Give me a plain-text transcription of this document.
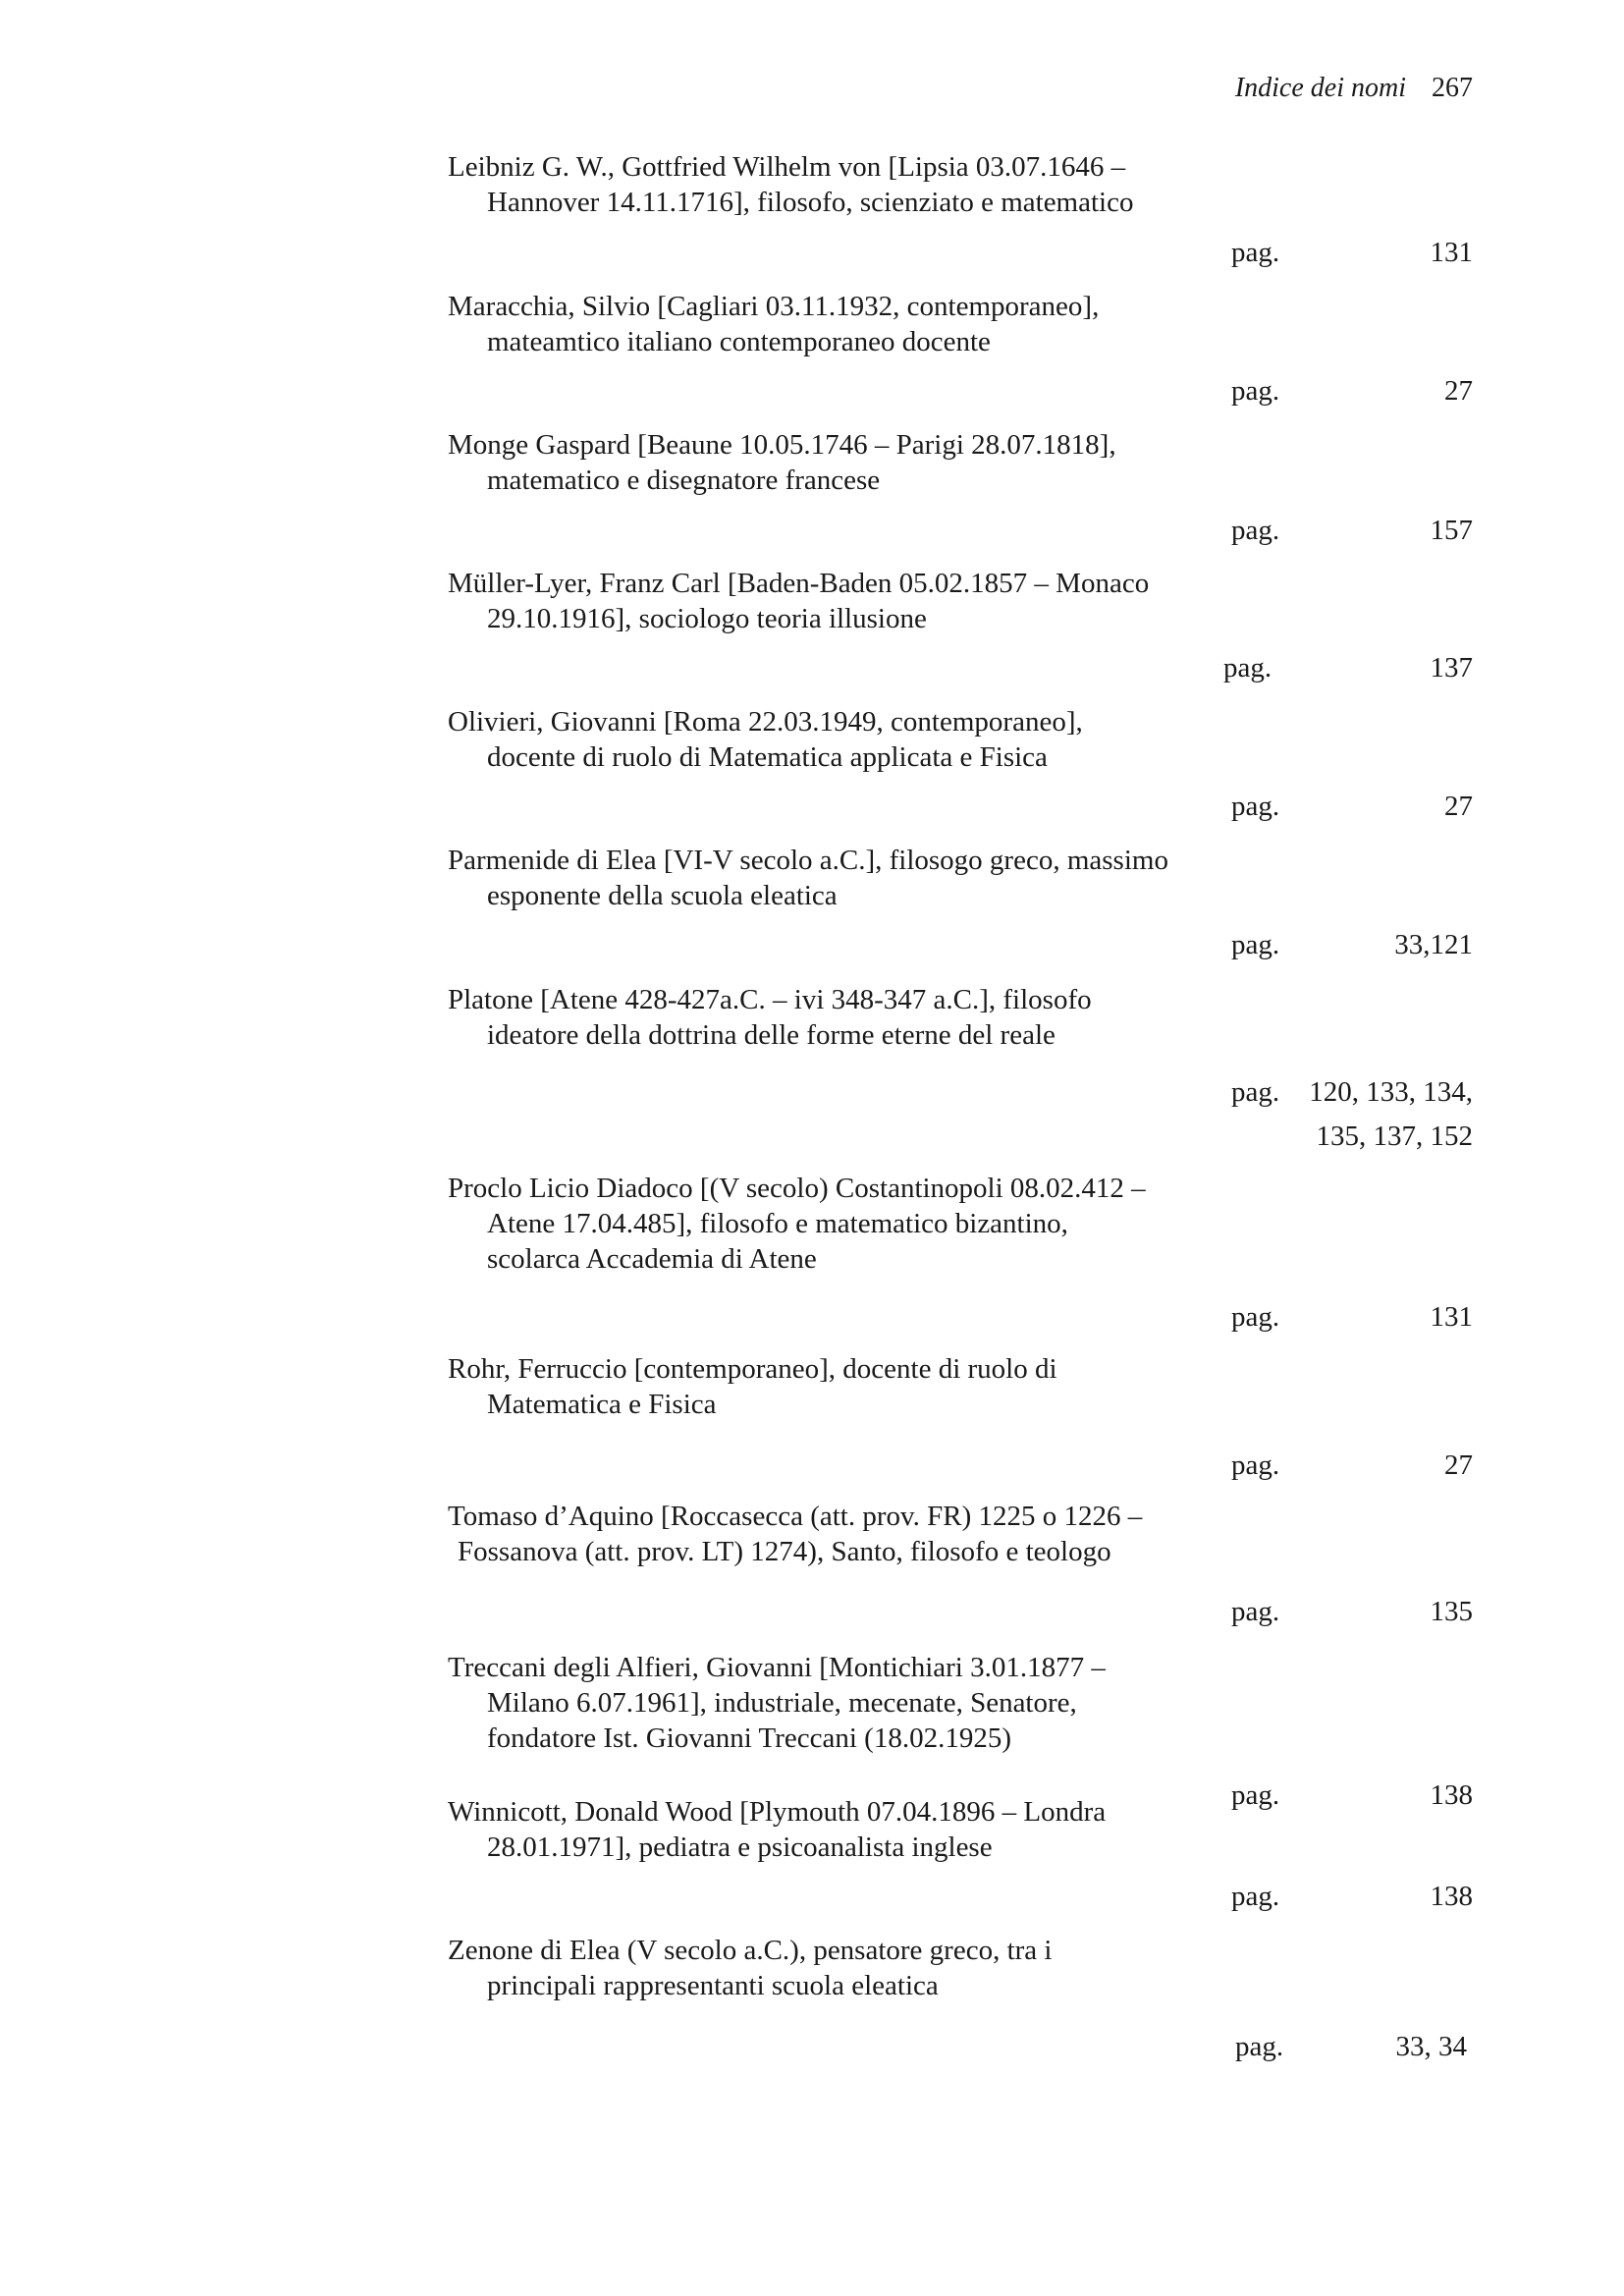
Indice dei nomi 267
Leibniz G. W., Gottfried Wilhelm von [Lipsia 03.07.1646 –
Hannover 14.11.1716], filosofo, scienziato e matematico
pag.	131
Maracchia, Silvio [Cagliari 03.11.1932, contemporaneo],
mateamtico italiano contemporaneo docente
pag.	27
Monge Gaspard [Beaune 10.05.1746 – Parigi 28.07.1818],
matematico e disegnatore francese
pag.	157
Müller-Lyer, Franz Carl [Baden-Baden 05.02.1857 – Monaco
29.10.1916], sociologo teoria illusione
pag.	137
Olivieri, Giovanni [Roma 22.03.1949, contemporaneo],
docente di ruolo di Matematica applicata e Fisica
pag.	27
Parmenide di Elea [VI-V secolo a.C.], filosogo greco, massimo
esponente della scuola eleatica
pag.	33,121
Platone [Atene 428-427a.C. – ivi 348-347 a.C.], filosofo
ideatore della dottrina delle forme eterne del reale
pag. 120, 133, 134,
135, 137, 152
Proclo Licio Diadoco [(V secolo) Costantinopoli 08.02.412 –
Atene 17.04.485], filosofo e matematico bizantino,
scolarca Accademia di Atene
pag.	131
Rohr, Ferruccio [contemporaneo], docente di ruolo di
Matematica e Fisica
pag.	27
Tomaso d’Aquino [Roccasecca (att. prov. FR) 1225 o 1226 –
Fossanova (att. prov. LT) 1274), Santo, filosofo e teologo
pag.	135
Treccani degli Alfieri, Giovanni [Montichiari 3.01.1877 –
Milano 6.07.1961], industriale, mecenate, Senatore,
fondatore Ist. Giovanni Treccani (18.02.1925)
pag.	138
Winnicott, Donald Wood [Plymouth 07.04.1896 – Londra
28.01.1971], pediatra e psicoanalista inglese
pag.	138
Zenone di Elea (V secolo a.C.), pensatore greco, tra i
principali rappresentanti scuola eleatica
pag.	33, 34
